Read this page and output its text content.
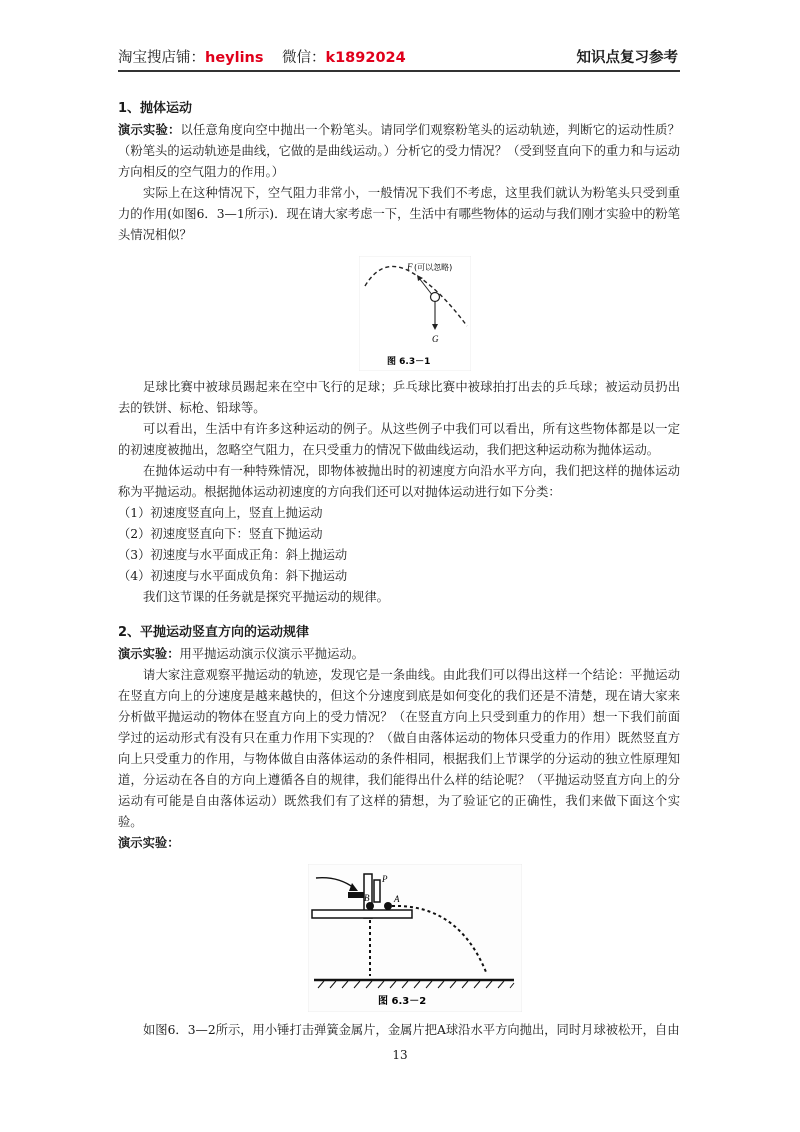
淘宝搜店铺：heylins 微信：k1892024	知识点复习参考

1、抛体运动

演示实验：以任意角度向空中抛出一个粉笔头。请同学们观察粉笔头的运动轨迹，判断它的运动性质？（粉笔头的运动轨迹是曲线，它做的是曲线运动。）分析它的受力情况？（受到竖直向下的重力和与运动方向相反的空气阻力的作用。）

实际上在这种情况下，空气阻力非常小，一般情况下我们不考虑，这里我们就认为粉笔头只受到重力的作用(如图6．3—1所示)．现在请大家考虑一下，生活中有哪些物体的运动与我们刚才实验中的粉笔头情况相似？

F (可以忽略)
G
图 6.3－1

足球比赛中被球员踢起来在空中飞行的足球；乒乓球比赛中被球拍打出去的乒乓球；被运动员扔出去的铁饼、标枪、铅球等。

可以看出，生活中有许多这种运动的例子。从这些例子中我们可以看出，所有这些物体都是以一定的初速度被抛出，忽略空气阻力，在只受重力的情况下做曲线运动，我们把这种运动称为抛体运动。

在抛体运动中有一种特殊情况，即物体被抛出时的初速度方向沿水平方向，我们把这样的抛体运动称为平抛运动。根据抛体运动初速度的方向我们还可以对抛体运动进行如下分类：

（1）初速度竖直向上，竖直上抛运动

（2）初速度竖直向下：竖直下抛运动

（3）初速度与水平面成正角：斜上抛运动

（4）初速度与水平面成负角：斜下抛运动

我们这节课的任务就是探究平抛运动的规律。

2、平抛运动竖直方向的运动规律

演示实验：用平抛运动演示仪演示平抛运动。

请大家注意观察平抛运动的轨迹，发现它是一条曲线。由此我们可以得出这样一个结论：平抛运动在竖直方向上的分速度是越来越快的，但这个分速度到底是如何变化的我们还是不清楚，现在请大家来分析做平抛运动的物体在竖直方向上的受力情况？（在竖直方向上只受到重力的作用）想一下我们前面学过的运动形式有没有只在重力作用下实现的？（做自由落体运动的物体只受重力的作用）既然竖直方向上只受重力的作用，与物体做自由落体运动的条件相同，根据我们上节课学的分运动的独立性原理知道，分运动在各自的方向上遵循各自的规律，我们能得出什么样的结论呢？（平抛运动竖直方向上的分运动有可能是自由落体运动）既然我们有了这样的猜想，为了验证它的正确性，我们来做下面这个实验。

演示实验：

P
B	A
图 6.3－2

如图6．3—2所示，用小锤打击弹簧金属片，金属片把A球沿水平方向抛出，同时月球被松开，自由

13
